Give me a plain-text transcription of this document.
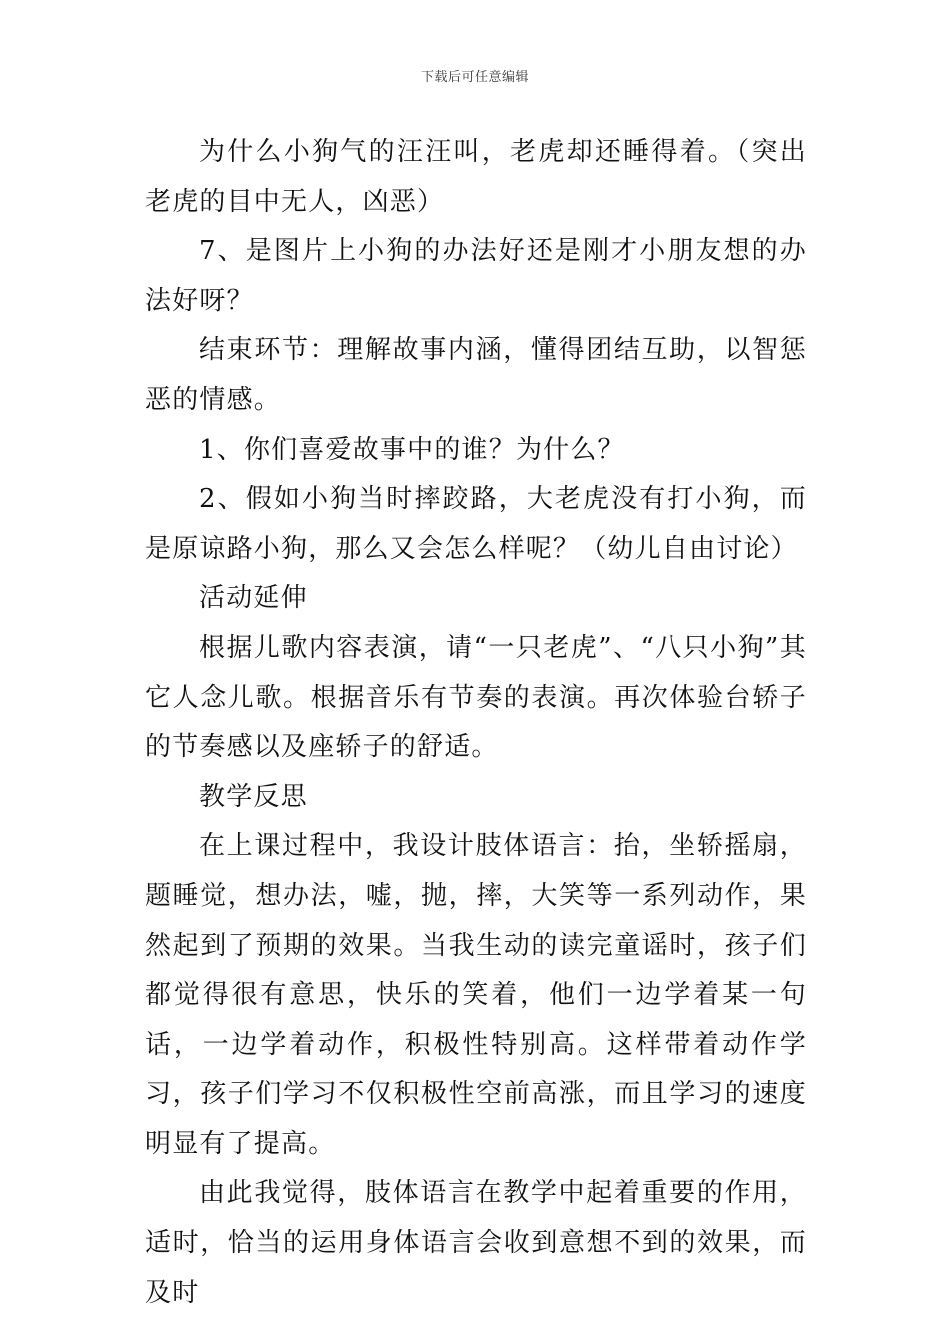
下载后可任意编辑

为什么小狗气的汪汪叫，老虎却还睡得着。（突出老虎的目中无人，凶恶）

7、是图片上小狗的办法好还是刚才小朋友想的办法好呀？

结束环节：理解故事内涵，懂得团结互助，以智惩恶的情感。

1、你们喜爱故事中的谁？为什么？

2、假如小狗当时摔跤路，大老虎没有打小狗，而是原谅路小狗，那么又会怎么样呢？（幼儿自由讨论）

活动延伸

根据儿歌内容表演，请“一只老虎”、“八只小狗”其它人念儿歌。根据音乐有节奏的表演。再次体验台轿子的节奏感以及座轿子的舒适。

教学反思

在上课过程中，我设计肢体语言：抬，坐轿摇扇，题睡觉，想办法，嘘，抛，摔，大笑等一系列动作，果然起到了预期的效果。当我生动的读完童谣时，孩子们都觉得很有意思，快乐的笑着，他们一边学着某一句话，一边学着动作，积极性特别高。这样带着动作学习，孩子们学习不仅积极性空前高涨，而且学习的速度明显有了提高。

由此我觉得，肢体语言在教学中起着重要的作用，适时，恰当的运用身体语言会收到意想不到的效果，而及时
